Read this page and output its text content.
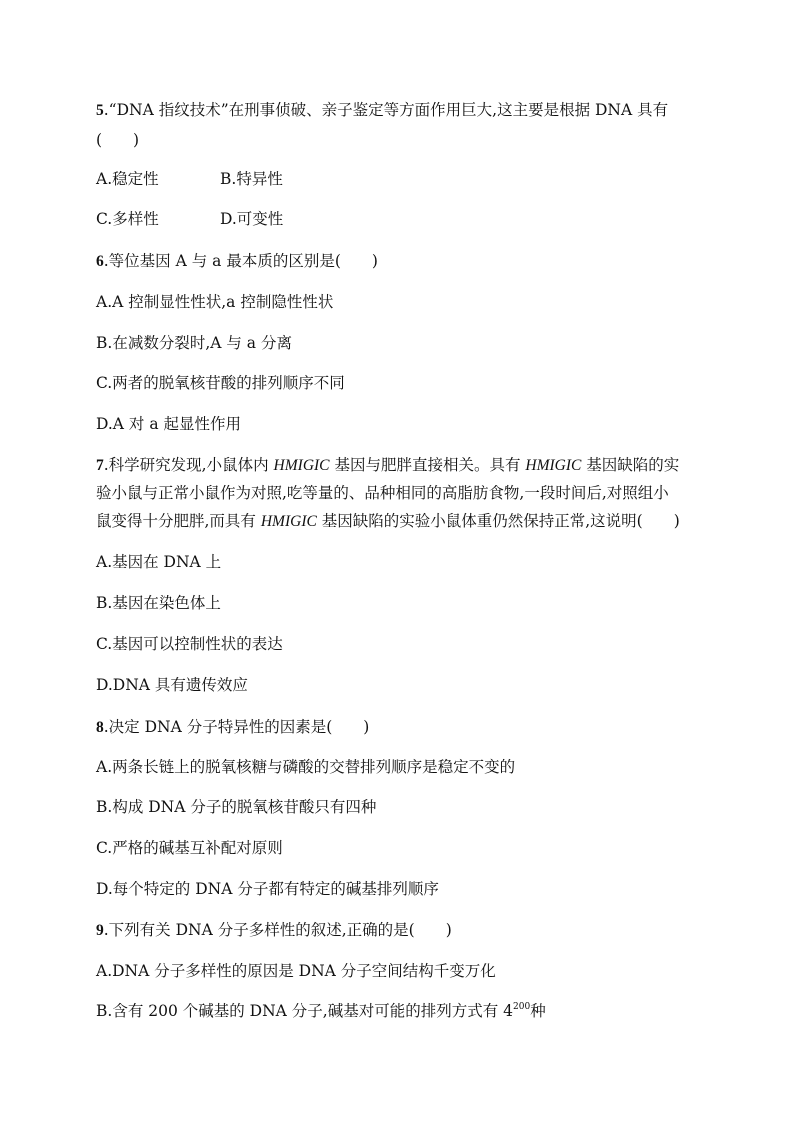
5.“DNA 指纹技术”在刑事侦破、亲子鉴定等方面作用巨大,这主要是根据 DNA 具有
(　　)
A.稳定性	B.特异性
C.多样性	D.可变性
6.等位基因 A 与 a 最本质的区别是(　　)
A.A 控制显性性状,a 控制隐性性状
B.在减数分裂时,A 与 a 分离
C.两者的脱氧核苷酸的排列顺序不同
D.A 对 a 起显性作用
7.科学研究发现,小鼠体内 HMIGIC 基因与肥胖直接相关。具有 HMIGIC 基因缺陷的实
验小鼠与正常小鼠作为对照,吃等量的、品种相同的高脂肪食物,一段时间后,对照组小
鼠变得十分肥胖,而具有 HMIGIC 基因缺陷的实验小鼠体重仍然保持正常,这说明(　　)
A.基因在 DNA 上
B.基因在染色体上
C.基因可以控制性状的表达
D.DNA 具有遗传效应
8.决定 DNA 分子特异性的因素是(　　)
A.两条长链上的脱氧核糖与磷酸的交替排列顺序是稳定不变的
B.构成 DNA 分子的脱氧核苷酸只有四种
C.严格的碱基互补配对原则
D.每个特定的 DNA 分子都有特定的碱基排列顺序
9.下列有关 DNA 分子多样性的叙述,正确的是(　　)
A.DNA 分子多样性的原因是 DNA 分子空间结构千变万化
B.含有 200 个碱基的 DNA 分子,碱基对可能的排列方式有 $4^{200}$种
